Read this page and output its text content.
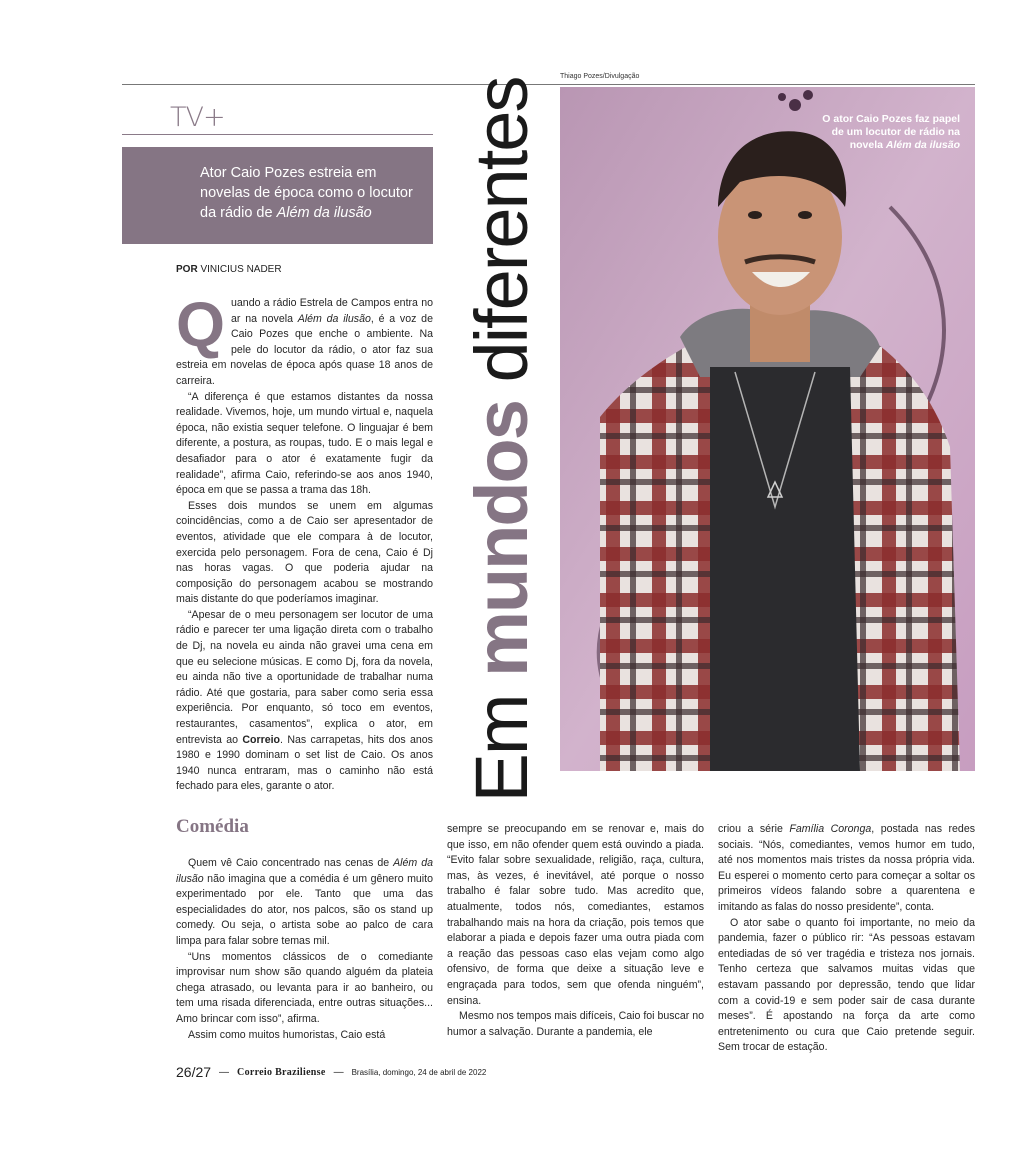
Thiago Pozes/Divulgação
TV+

Ator Caio Pozes estreia em novelas de época como o locutor da rádio de Além da ilusão

POR VINICIUS NADER

Quando a rádio Estrela de Campos entra no ar na novela Além da ilusão, é a voz de Caio Pozes que enche o ambiente. Na pele do locutor da rádio, o ator faz sua estreia em novelas de época após quase 18 anos de carreira.

“A diferença é que estamos distantes da nossa realidade. Vivemos, hoje, um mundo virtual e, naquela época, não existia sequer telefone. O linguajar é bem diferente, a postura, as roupas, tudo. E o mais legal e desafiador para o ator é exatamente fugir da realidade”, afirma Caio, referindo-se aos anos 1940, época em que se passa a trama das 18h.

Esses dois mundos se unem em algumas coincidências, como a de Caio ser apresentador de eventos, atividade que ele compara à de locutor, exercida pelo personagem. Fora de cena, Caio é Dj nas horas vagas. O que poderia ajudar na composição do personagem acabou se mostrando mais distante do que poderíamos imaginar.

“Apesar de o meu personagem ser locutor de uma rádio e parecer ter uma ligação direta com o trabalho de Dj, na novela eu ainda não gravei uma cena em que eu selecione músicas. E como Dj, fora da novela, eu ainda não tive a oportunidade de trabalhar numa rádio. Até que gostaria, para saber como seria essa experiência. Por enquanto, só toco em eventos, restaurantes, casamentos”, explica o ator, em entrevista ao Correio. Nas carrapetas, hits dos anos 1980 e 1990 dominam o set list de Caio. Os anos 1940 nunca entraram, mas o caminho não está fechado para eles, garante o ator.

Comédia

Quem vê Caio concentrado nas cenas de Além da ilusão não imagina que a comédia é um gênero muito experimentado por ele. Tanto que uma das especialidades do ator, nos palcos, são os stand up comedy. Ou seja, o artista sobe ao palco de cara limpa para falar sobre temas mil.

“Uns momentos clássicos de o comediante improvisar num show são quando alguém da plateia chega atrasado, ou levanta para ir ao banheiro, ou tem uma risada diferenciada, entre outras situações... Amo brincar com isso”, afirma.

Assim como muitos humoristas, Caio está

sempre se preocupando em se renovar e, mais do que isso, em não ofender quem está ouvindo a piada. “Evito falar sobre sexualidade, religião, raça, cultura, mas, às vezes, é inevitável, até porque o nosso trabalho é falar sobre tudo. Mas acredito que, atualmente, todos nós, comediantes, estamos trabalhando mais na hora da criação, pois temos que elaborar a piada e depois fazer uma outra piada com a reação das pessoas caso elas vejam como algo ofensivo, de forma que deixe a situação leve e engraçada para todos, sem que ofenda ninguém”, ensina.

Mesmo nos tempos mais difíceis, Caio foi buscar no humor a salvação. Durante a pandemia, ele

criou a série Família Coronga, postada nas redes sociais. “Nós, comediantes, vemos humor em tudo, até nos momentos mais tristes da nossa própria vida. Eu esperei o momento certo para começar a soltar os primeiros vídeos falando sobre a quarentena e imitando as falas do nosso presidente”, conta.

O ator sabe o quanto foi importante, no meio da pandemia, fazer o público rir: “As pessoas estavam entediadas de só ver tragédia e tristeza nos jornais. Tenho certeza que salvamos muitas vidas que estavam passando por depressão, tendo que lidar com a covid-19 e sem poder sair de casa durante meses”. É apostando na força da arte como entretenimento ou cura que Caio pretende seguir. Sem trocar de estação.

Em mundos diferentes	O ator Caio Pozes faz papel de um locutor de rádio na novela Além da ilusão
26/27 — Correio Braziliense — Brasília, domingo, 24 de abril de 2022
